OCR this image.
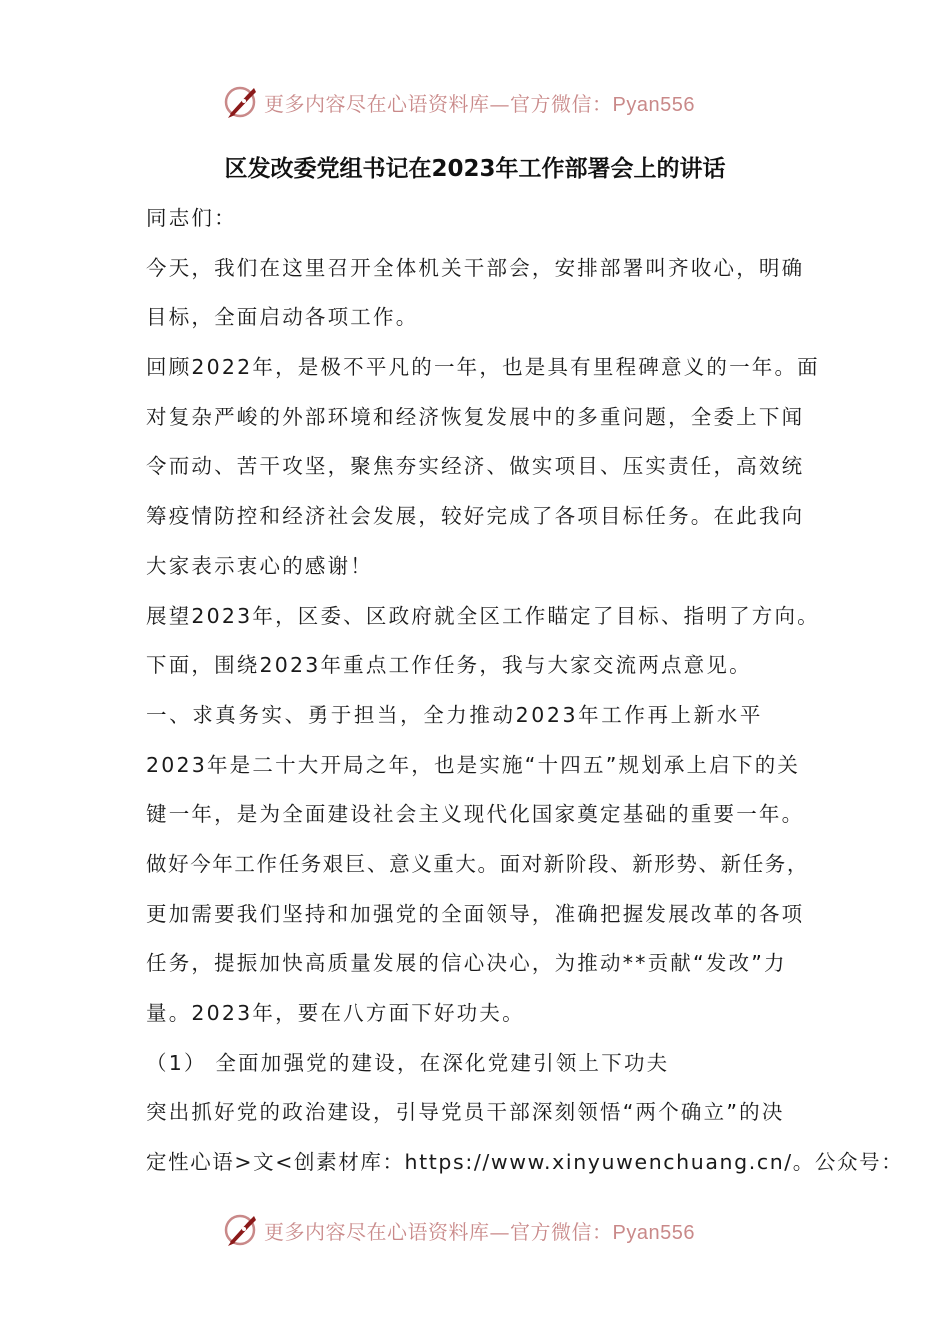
更多内容尽在心语资料库—官方微信：Pyan556
区发改委党组书记在2023年工作部署会上的讲话
同志们：
今天，我们在这里召开全体机关干部会，安排部署叫齐收心，明确
目标，全面启动各项工作。
回顾2022年，是极不平凡的一年，也是具有里程碑意义的一年。面
对复杂严峻的外部环境和经济恢复发展中的多重问题，全委上下闻
令而动、苦干攻坚，聚焦夯实经济、做实项目、压实责任，高效统
筹疫情防控和经济社会发展，较好完成了各项目标任务。在此我向
大家表示衷心的感谢！
展望2023年，区委、区政府就全区工作瞄定了目标、指明了方向。
下面，围绕2023年重点工作任务，我与大家交流两点意见。
一、求真务实、勇于担当，全力推动2023年工作再上新水平
2023年是二十大开局之年，也是实施“十四五”规划承上启下的关
键一年，是为全面建设社会主义现代化国家奠定基础的重要一年。
做好今年工作任务艰巨、意义重大。面对新阶段、新形势、新任务，
更加需要我们坚持和加强党的全面领导，准确把握发展改革的各项
任务，提振加快高质量发展的信心决心，为推动**贡献“发改”力
量。2023年，要在八方面下好功夫。
（1） 全面加强党的建设，在深化党建引领上下功夫
突出抓好党的政治建设，引导党员干部深刻领悟“两个确立”的决
定性心语>文<创素材库：https://www.xinyuwenchuang.cn/。公众号：
更多内容尽在心语资料库—官方微信：Pyan556
